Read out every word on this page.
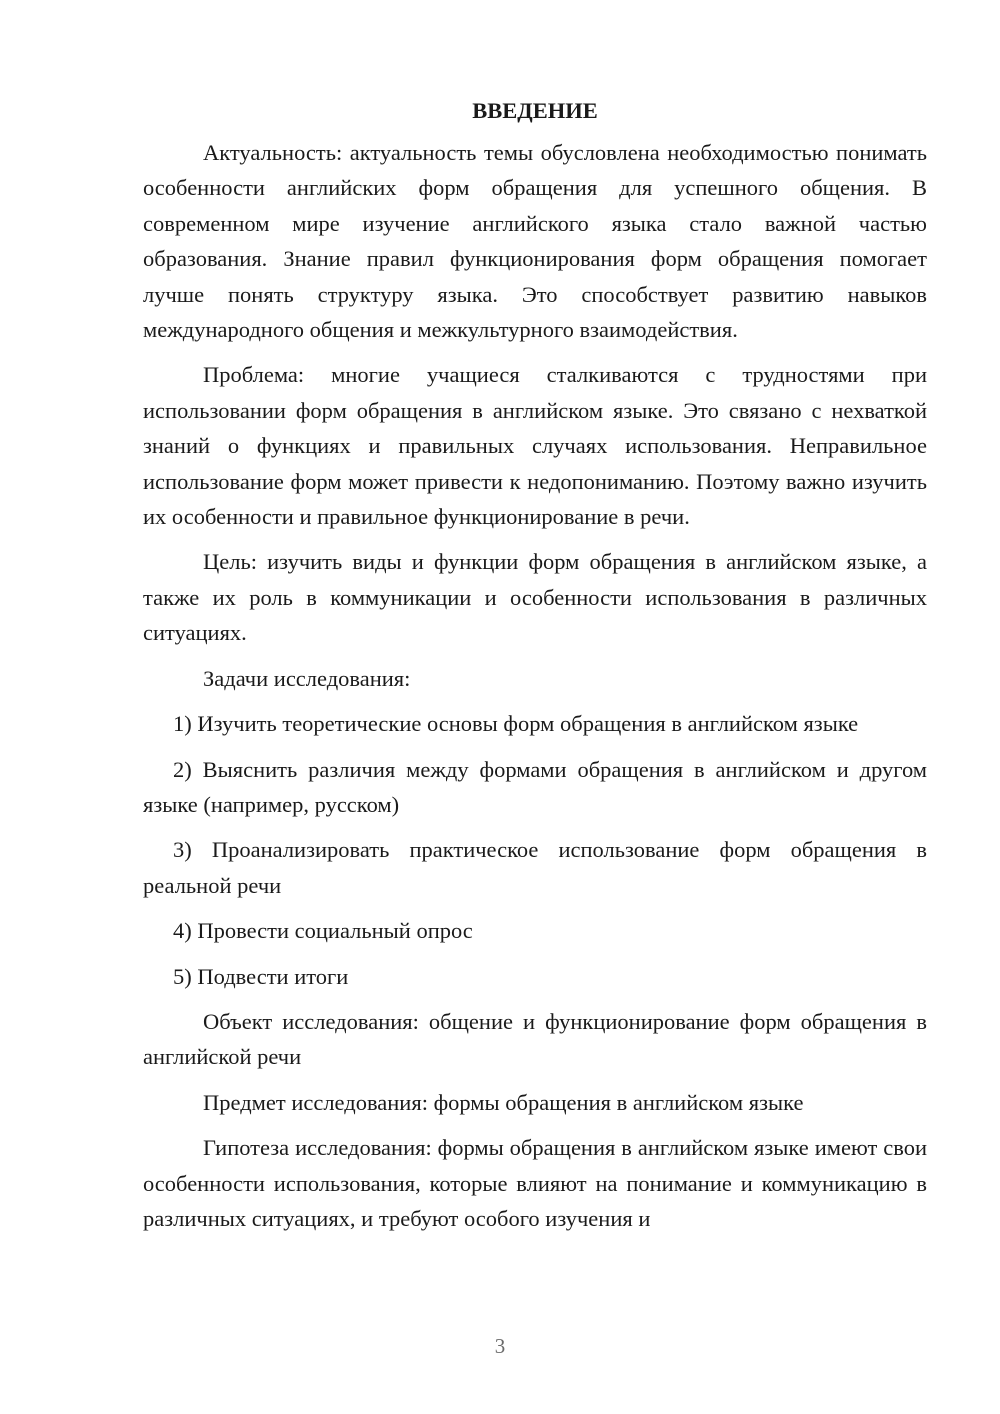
ВВЕДЕНИЕ

Актуальность: актуальность темы обусловлена необходимостью понимать особенности английских форм обращения для успешного общения. В современном мире изучение английского языка стало важной частью образования. Знание правил функционирования форм обращения помогает лучше понять структуру языка. Это способствует развитию навыков международного общения и межкультурного взаимодействия.

Проблема: многие учащиеся сталкиваются с трудностями при использовании форм обращения в английском языке. Это связано с нехваткой знаний о функциях и правильных случаях использования. Неправильное использование форм может привести к недопониманию. Поэтому важно изучить их особенности и правильное функционирование в речи.

Цель: изучить виды и функции форм обращения в английском языке, а также их роль в коммуникации и особенности использования в различных ситуациях.

Задачи исследования:

1) Изучить теоретические основы форм обращения в английском языке

2) Выяснить различия между формами обращения в английском и другом языке (например, русском)

3) Проанализировать практическое использование форм обращения в реальной речи

4) Провести социальный опрос

5) Подвести итоги

Объект исследования: общение и функционирование форм обращения в английской речи

Предмет исследования: формы обращения в английском языке

Гипотеза исследования: формы обращения в английском языке имеют свои особенности использования, которые влияют на понимание и коммуникацию в различных ситуациях, и требуют особого изучения и

3
